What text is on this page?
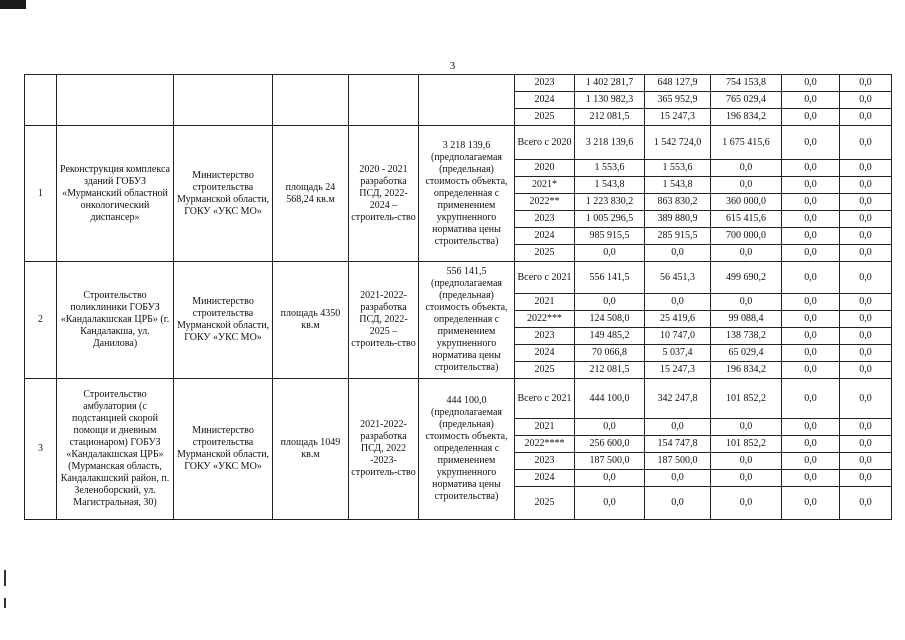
3
						2023	1 402 281,7	648 127,9	754 153,8	0,0	0,0
						2024	1 130 982,3	365 952,9	765 029,4	0,0	0,0
						2025	212 081,5	15 247,3	196 834,2	0,0	0,0
1	Реконструкция комплекса зданий ГОБУЗ «Мурманский областной онкологический диспансер»	Министерство строительства Мурманской области, ГОКУ «УКС МО»	площадь 24 568,24 кв.м	2020 - 2021 разработка ПСД, 2022-2024 – строитель-ство	3 218 139,6 (предполагаемая (предельная) стоимость объекта, определенная с применением укрупненного норматива цены строительства)	Всего с 2020	3 218 139,6	1 542 724,0	1 675 415,6	0,0	0,0
						2020	1 553,6	1 553,6	0,0	0,0	0,0
						2021*	1 543,8	1 543,8	0,0	0,0	0,0
						2022**	1 223 830,2	863 830,2	360 000,0	0,0	0,0
						2023	1 005 296,5	389 880,9	615 415,6	0,0	0,0
						2024	985 915,5	285 915,5	700 000,0	0,0	0,0
						2025	0,0	0,0	0,0	0,0	0,0
2	Строительство поликлиники ГОБУЗ «Кандалакшская ЦРБ» (г. Кандалакша, ул. Данилова)	Министерство строительства Мурманской области, ГОКУ «УКС МО»	площадь 4350 кв.м	2021-2022-разработка ПСД, 2022-2025 – строитель-ство	556 141,5 (предполагаемая (предельная) стоимость объекта, определенная с применением укрупненного норматива цены строительства)	Всего с 2021	556 141,5	56 451,3	499 690,2	0,0	0,0
						2021	0,0	0,0	0,0	0,0	0,0
						2022***	124 508,0	25 419,6	99 088,4	0,0	0,0
						2023	149 485,2	10 747,0	138 738,2	0,0	0,0
						2024	70 066,8	5 037,4	65 029,4	0,0	0,0
						2025	212 081,5	15 247,3	196 834,2	0,0	0,0
3	Строительство амбулатория (с подстанцией скорой помощи и дневным стационаром) ГОБУЗ «Кандалакшская ЦРБ» (Мурманская область, Кандалакшский район, п. Зеленоборский, ул. Магистральная, 30)	Министерство строительства Мурманской области, ГОКУ «УКС МО»	площадь 1049 кв.м	2021-2022-разработка ПСД, 2022 -2023-строитель-ство	444 100,0 (предполагаемая (предельная) стоимость объекта, определенная с применением укрупненного норматива цены строительства)	Всего с 2021	444 100,0	342 247,8	101 852,2	0,0	0,0
						2021	0,0	0,0	0,0	0,0	0,0
						2022****	256 600,0	154 747,8	101 852,2	0,0	0,0
						2023	187 500,0	187 500,0	0,0	0,0	0,0
						2024	0,0	0,0	0,0	0,0	0,0
						2025	0,0	0,0	0,0	0,0	0,0
